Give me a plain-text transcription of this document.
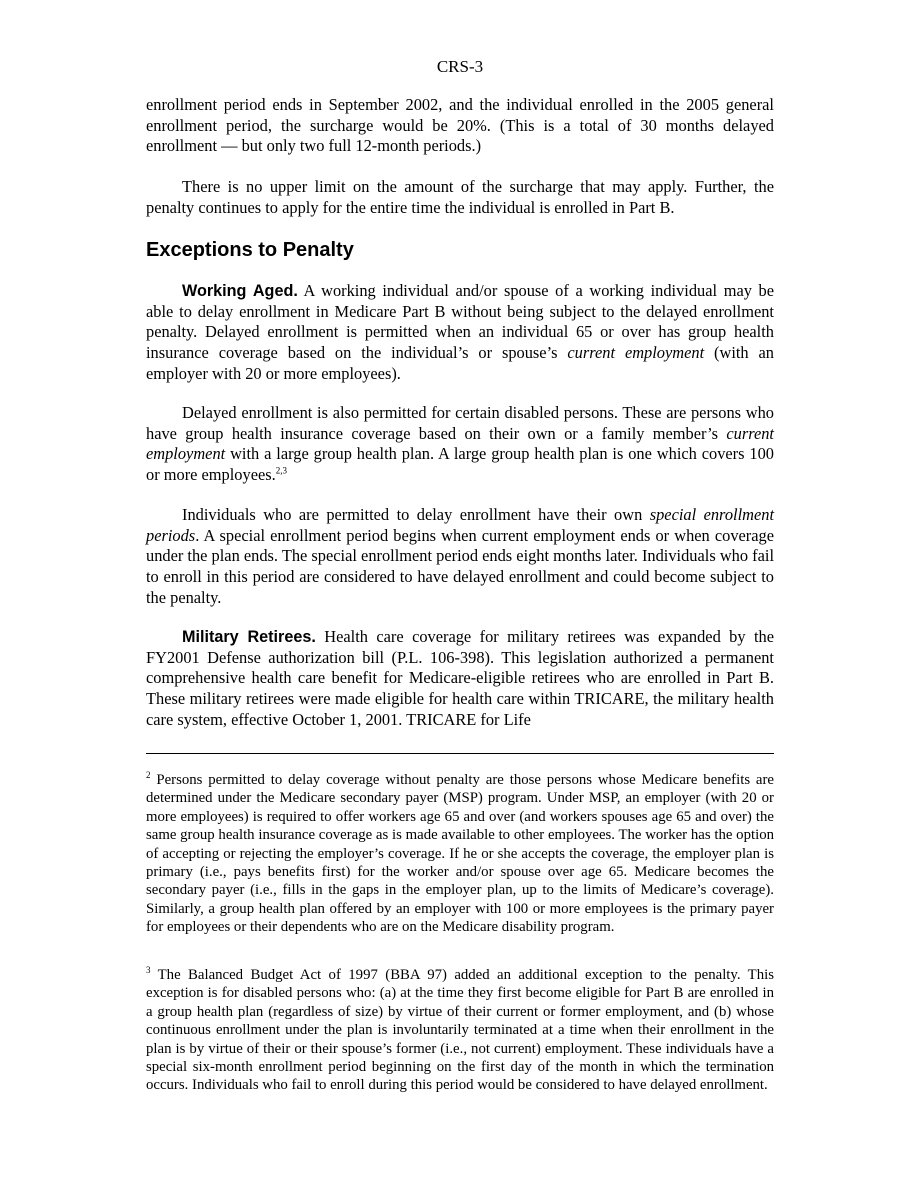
CRS-3

enrollment period ends in September 2002, and the individual enrolled in the 2005 general enrollment period, the surcharge would be 20%. (This is a total of 30 months delayed enrollment — but only two full 12-month periods.)

There is no upper limit on the amount of the surcharge that may apply. Further, the penalty continues to apply for the entire time the individual is enrolled in Part B.

Exceptions to Penalty

Working Aged. A working individual and/or spouse of a working individual may be able to delay enrollment in Medicare Part B without being subject to the delayed enrollment penalty. Delayed enrollment is permitted when an individual 65 or over has group health insurance coverage based on the individual’s or spouse’s current employment (with an employer with 20 or more employees).

Delayed enrollment is also permitted for certain disabled persons. These are persons who have group health insurance coverage based on their own or a family member’s current employment with a large group health plan. A large group health plan is one which covers 100 or more employees.$^{2,3}$

Individuals who are permitted to delay enrollment have their own special enrollment periods. A special enrollment period begins when current employment ends or when coverage under the plan ends. The special enrollment period ends eight months later. Individuals who fail to enroll in this period are considered to have delayed enrollment and could become subject to the penalty.

Military Retirees. Health care coverage for military retirees was expanded by the FY2001 Defense authorization bill (P.L. 106-398). This legislation authorized a permanent comprehensive health care benefit for Medicare-eligible retirees who are enrolled in Part B. These military retirees were made eligible for health care within TRICARE, the military health care system, effective October 1, 2001. TRICARE for Life

$^2$ Persons permitted to delay coverage without penalty are those persons whose Medicare benefits are determined under the Medicare secondary payer (MSP) program. Under MSP, an employer (with 20 or more employees) is required to offer workers age 65 and over (and workers spouses age 65 and over) the same group health insurance coverage as is made available to other employees. The worker has the option of accepting or rejecting the employer’s coverage. If he or she accepts the coverage, the employer plan is primary (i.e., pays benefits first) for the worker and/or spouse over age 65. Medicare becomes the secondary payer (i.e., fills in the gaps in the employer plan, up to the limits of Medicare’s coverage). Similarly, a group health plan offered by an employer with 100 or more employees is the primary payer for employees or their dependents who are on the Medicare disability program.

$^3$ The Balanced Budget Act of 1997 (BBA 97) added an additional exception to the penalty. This exception is for disabled persons who: (a) at the time they first become eligible for Part B are enrolled in a group health plan (regardless of size) by virtue of their current or former employment, and (b) whose continuous enrollment under the plan is involuntarily terminated at a time when their enrollment in the plan is by virtue of their or their spouse’s former (i.e., not current) employment. These individuals have a special six-month enrollment period beginning on the first day of the month in which the termination occurs. Individuals who fail to enroll during this period would be considered to have delayed enrollment.
